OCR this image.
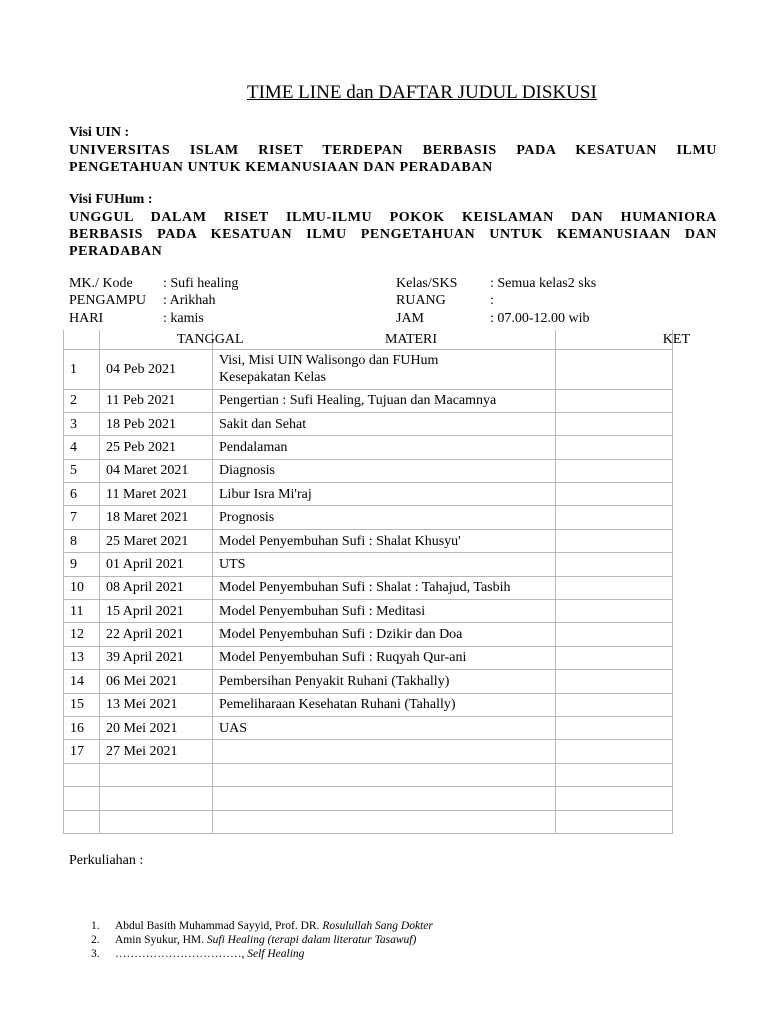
TIME LINE dan DAFTAR JUDUL DISKUSI
Visi UIN :
UNIVERSITAS ISLAM RISET TERDEPAN BERBASIS PADA KESATUAN ILMU
PENGETAHUAN UNTUK KEMANUSIAAN DAN PERADABAN
Visi FUHum :
UNGGUL DALAM RISET ILMU-ILMU POKOK KEISLAMAN DAN HUMANIORA
BERBASIS PADA KESATUAN ILMU PENGETAHUAN UNTUK KEMANUSIAAN DAN
PERADABAN
MK./ Kode : Sufi healing
PENGAMPU : Arikhah
HARI	: kamis
Kelas/SKS : Semua kelas2 sks
RUANG	:
JAM	: 07.00-12.00 wib
	TANGGAL	MATERI	KET
1	04 Peb 2021	Visi, Misi UIN Walisongo dan FUHum
Kesepakatan Kelas	

2	11 Peb 2021	Pengertian : Sufi Healing, Tujuan dan Macamnya	
3	18 Peb 2021	Sakit dan Sehat	
4	25 Peb 2021	Pendalaman	
5	04 Maret 2021	Diagnosis	
6	11 Maret 2021	Libur Isra Mi'raj	
7	18 Maret 2021	Prognosis	
8	25 Maret 2021	Model Penyembuhan Sufi : Shalat Khusyu'	
9	01 April 2021	UTS	
10	08 April 2021	Model Penyembuhan Sufi : Shalat : Tahajud, Tasbih	
11	15 April 2021	Model Penyembuhan Sufi : Meditasi	
12	22 April 2021	Model Penyembuhan Sufi : Dzikir dan Doa	
13	39 April 2021	Model Penyembuhan Sufi : Ruqyah Qur-ani	
14	06 Mei 2021	Pembersihan Penyakit Ruhani (Takhally)	
15	13 Mei 2021	Pemeliharaan Kesehatan Ruhani (Tahally)	
16	20 Mei 2021	UAS	
17	27 Mei 2021		

Perkuliahan :
1. Abdul Basith Muhammad Sayyid, Prof. DR. Rosulullah Sang Dokter
2. Amin Syukur, HM. Sufi Healing (terapi dalam literatur Tasawuf)
3. ……………………………, Self Healing
